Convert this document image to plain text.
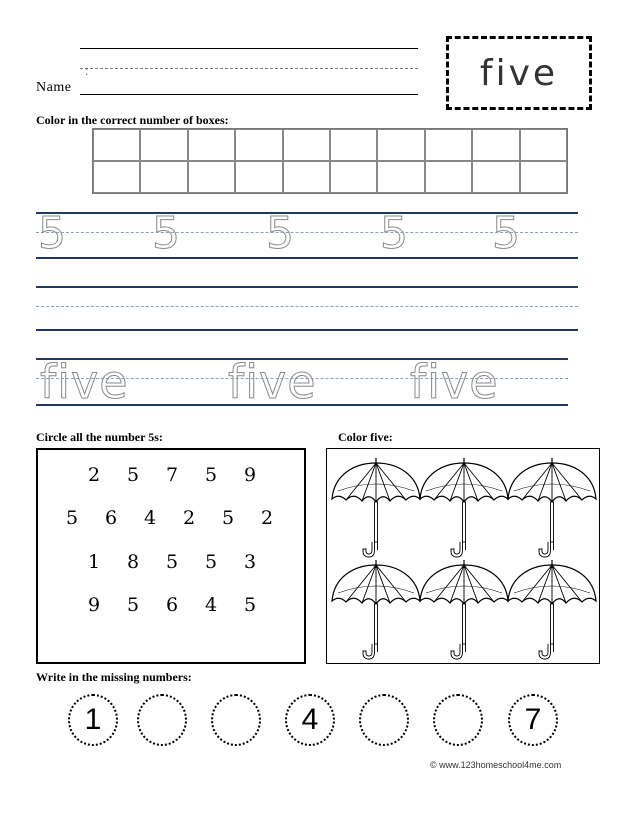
Name
:	five
Color in the correct number of boxes:
5 5 5 5 5
five five five
Circle all the number 5s:
2 5 7 5 9
5 6 4 2 5 2
1 8 5 5 3
9 5 6 4 5
Color five:
Write in the missing numbers:
1	4	7
© www.123homeschool4me.com
